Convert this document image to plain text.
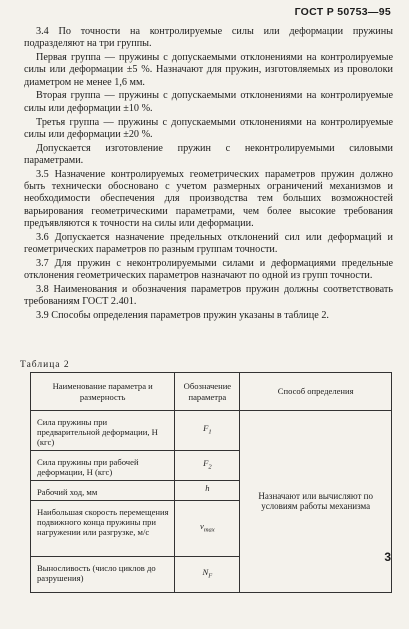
ГОСТ Р 50753—95

3.4 По точности на контролируемые силы или деформации пружины подразделяют на три группы.

Первая группа — пружины с допускаемыми отклонениями на контролируемые силы или деформации ±5 %. Назначают для пружин, изготовляемых из проволоки диаметром не менее 1,6 мм.

Вторая группа — пружины с допускаемыми отклонениями на контролируемые силы или деформации ±10 %.

Третья группа — пружины с допускаемыми отклонениями на контролируемые силы или деформации ±20 %.

Допускается изготовление пружин с неконтролируемыми силовыми параметрами.

3.5 Назначение контролируемых геометрических параметров пружин должно быть технически обосновано с учетом размерных ограничений механизмов и необходимости обеспечения для производства тем больших возможностей варьирования геометрическими параметрами, чем более высокие требования предъявляются к точности на силы или деформации.

3.6 Допускается назначение предельных отклонений сил или деформаций и геометрических параметров по разным группам точности.

3.7 Для пружин с неконтролируемыми силами и деформациями предельные отклонения геометрических параметров назначают по одной из групп точности.

3.8 Наименования и обозначения параметров пружин должны соответствовать требованиям ГОСТ 2.401.

3.9 Способы определения параметров пружин указаны в таблице 2.

Таблица 2
Наименование параметра и размерность	Обозначение параметра	Способ определения
Сила пружины при предварительной деформации, Н (кгс)	$F_1$	Назначают или вычисляют по условиям работы механизма
Сила пружины при рабочей деформации, Н (кгс)	$F_2$
Рабочий ход, мм	h	
Наибольшая скорость перемещения подвижного конца пружины при нагружении или разгрузке, м/с	$v_{max}$
Выносливость (число циклов до разрушения)	$N_F$
3
